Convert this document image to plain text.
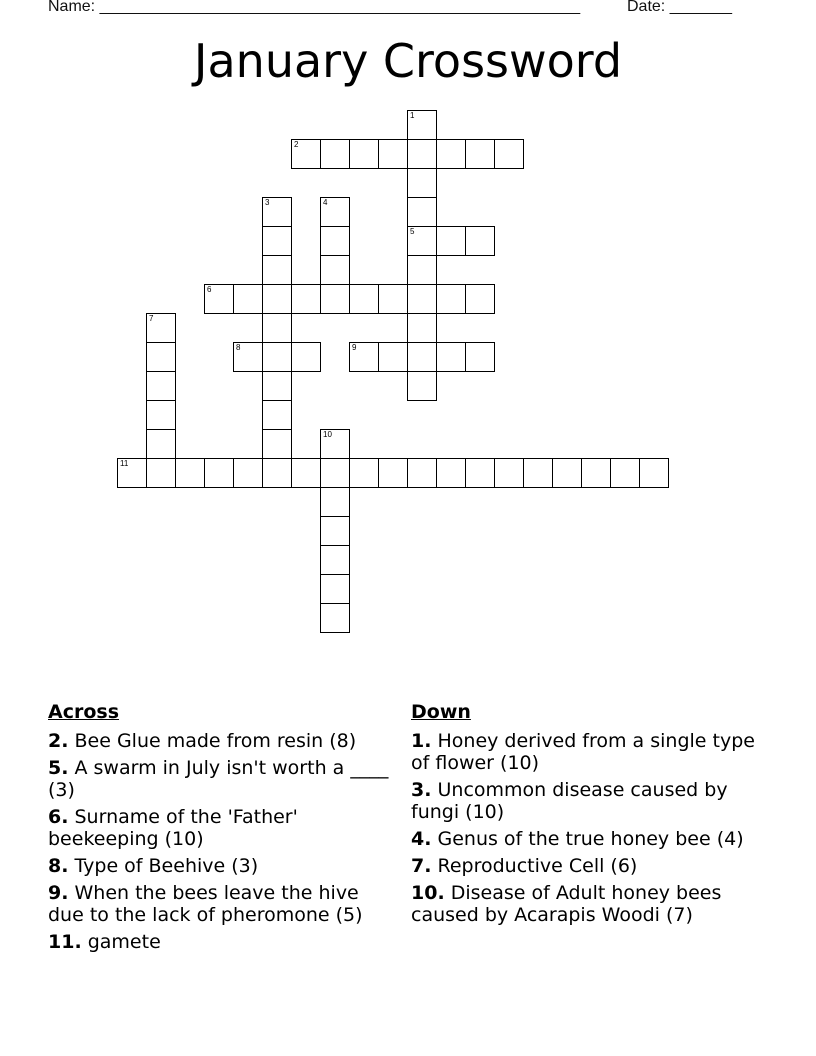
Name: ______________________________________________________	Date: _______
January Crossword
1
5
2
3	4
6
7
8	9
10
11
Across
2. Bee Glue made from resin (8)
5. A swarm in July isn't worth a ____ (3)
6. Surname of the 'Father' beekeeping (10)
8. Type of Beehive (3)
9. When the bees leave the hive due to the lack of pheromone (5)
11. gamete
Down
1. Honey derived from a single type of flower (10)
3. Uncommon disease caused by fungi (10)
4. Genus of the true honey bee (4)
7. Reproductive Cell (6)
10. Disease of Adult honey bees caused by Acarapis Woodi (7)
